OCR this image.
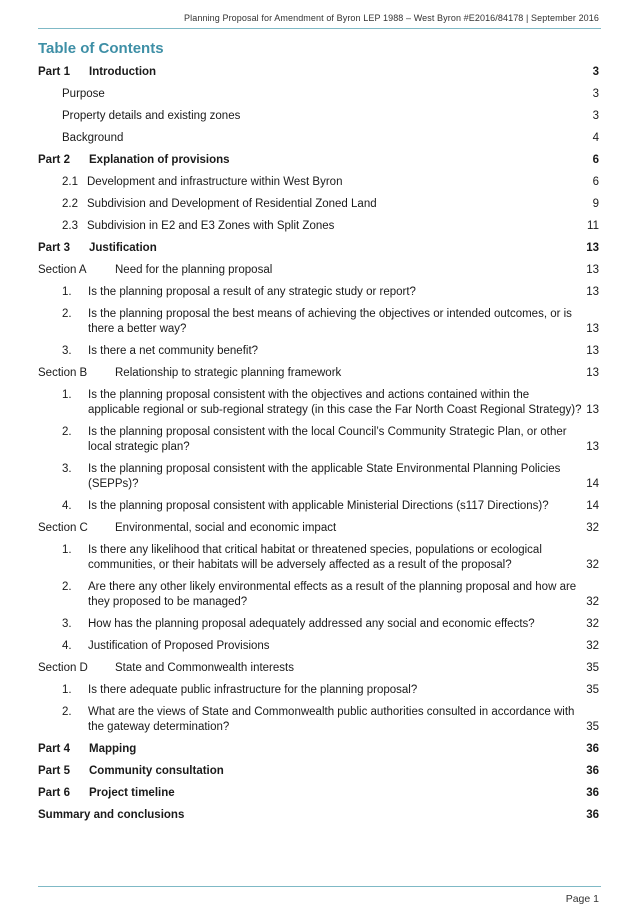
Planning Proposal for Amendment of Byron LEP 1988 – West Byron #E2016/84178 | September 2016
Table of Contents
Part 1 Introduction .....	3
Purpose .....	3
Property details and existing zones .....	3
Background .....	4
Part 2 Explanation of provisions .....	6
2.1 Development and infrastructure within West Byron .....	6
2.2 Subdivision and Development of Residential Zoned Land .....	9
2.3 Subdivision in E2 and E3 Zones with Split Zones .....	11
Part 3 Justification .....	13
Section A Need for the planning proposal .....	13
1. Is the planning proposal a result of any strategic study or report? .....	13
2. Is the planning proposal the best means of achieving the objectives or intended outcomes, or is there a better way? .....	13
3. Is there a net community benefit? .....	13
Section B Relationship to strategic planning framework .....	13
1. Is the planning proposal consistent with the objectives and actions contained within the applicable regional or sub-regional strategy (in this case the Far North Coast Regional Strategy)? ..... 13
2. Is the planning proposal consistent with the local Council’s Community Strategic Plan, or other local strategic plan? .....	13
3. Is the planning proposal consistent with the applicable State Environmental Planning Policies (SEPPs)? .....	14
4. Is the planning proposal consistent with applicable Ministerial Directions (s117 Directions)? .....	14
Section C Environmental, social and economic impact .....	32
1. Is there any likelihood that critical habitat or threatened species, populations or ecological communities, or their habitats will be adversely affected as a result of the proposal? .....	32
2. Are there any other likely environmental effects as a result of the planning proposal and how are they proposed to be managed? .....	32
3. How has the planning proposal adequately addressed any social and economic effects? .....	32
4. Justification of Proposed Provisions .....	32
Section D State and Commonwealth interests .....	35
1. Is there adequate public infrastructure for the planning proposal? .....	35
2. What are the views of State and Commonwealth public authorities consulted in accordance with the gateway determination? .....	35
Part 4 Mapping .....	36
Part 5 Community consultation .....	36
Part 6 Project timeline .....	36
Summary and conclusions .....	36
Page 1
